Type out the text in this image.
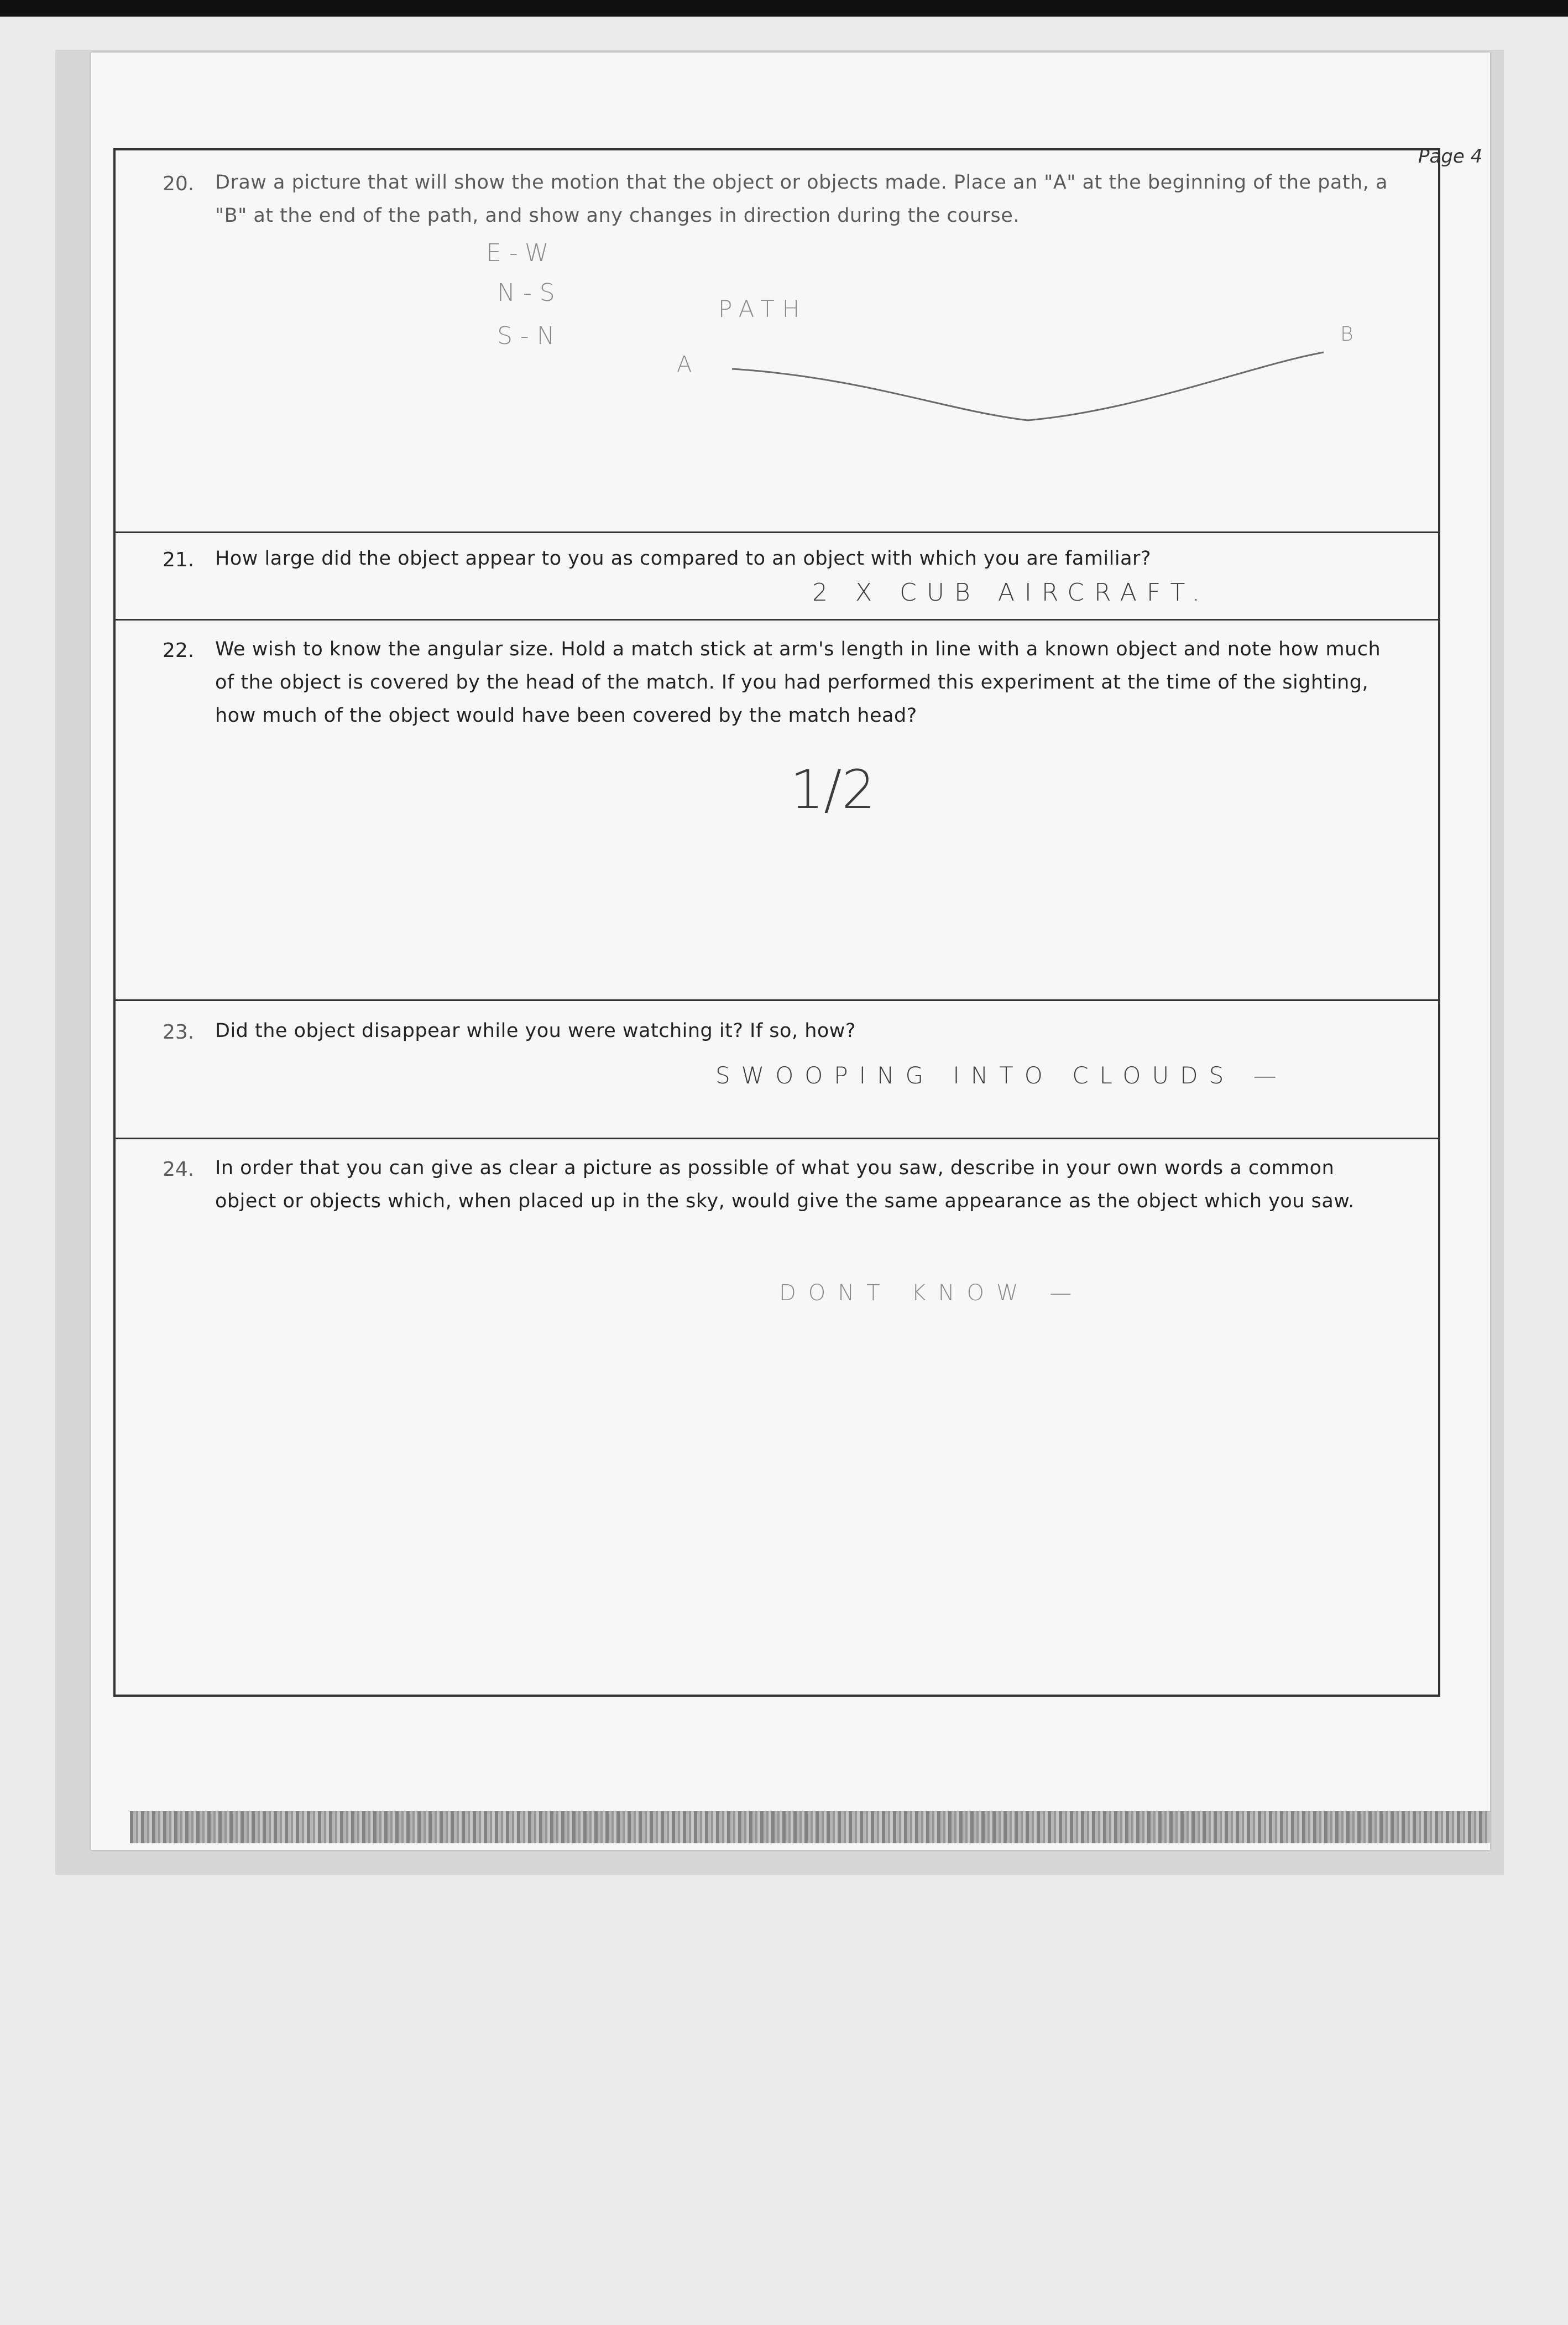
Page 4
20. Draw a picture that will show the motion that the object or objects made. Place an "A" at the beginning of the path, a "B" at the end of the path, and show any changes in direction during the course.
E-W
N-S
S-N
PATH
A
B
21. How large did the object appear to you as compared to an object with which you are familiar?
2 X CUB AIRCRAFT.
22. We wish to know the angular size. Hold a match stick at arm's length in line with a known object and note how much of the object is covered by the head of the match. If you had performed this experiment at the time of the sighting, how much of the object would have been covered by the match head?
1/2
23. Did the object disappear while you were watching it? If so, how?
SWOOPING INTO CLOUDS —
24. In order that you can give as clear a picture as possible of what you saw, describe in your own words a common object or objects which, when placed up in the sky, would give the same appearance as the object which you saw.
DONT KNOW —
